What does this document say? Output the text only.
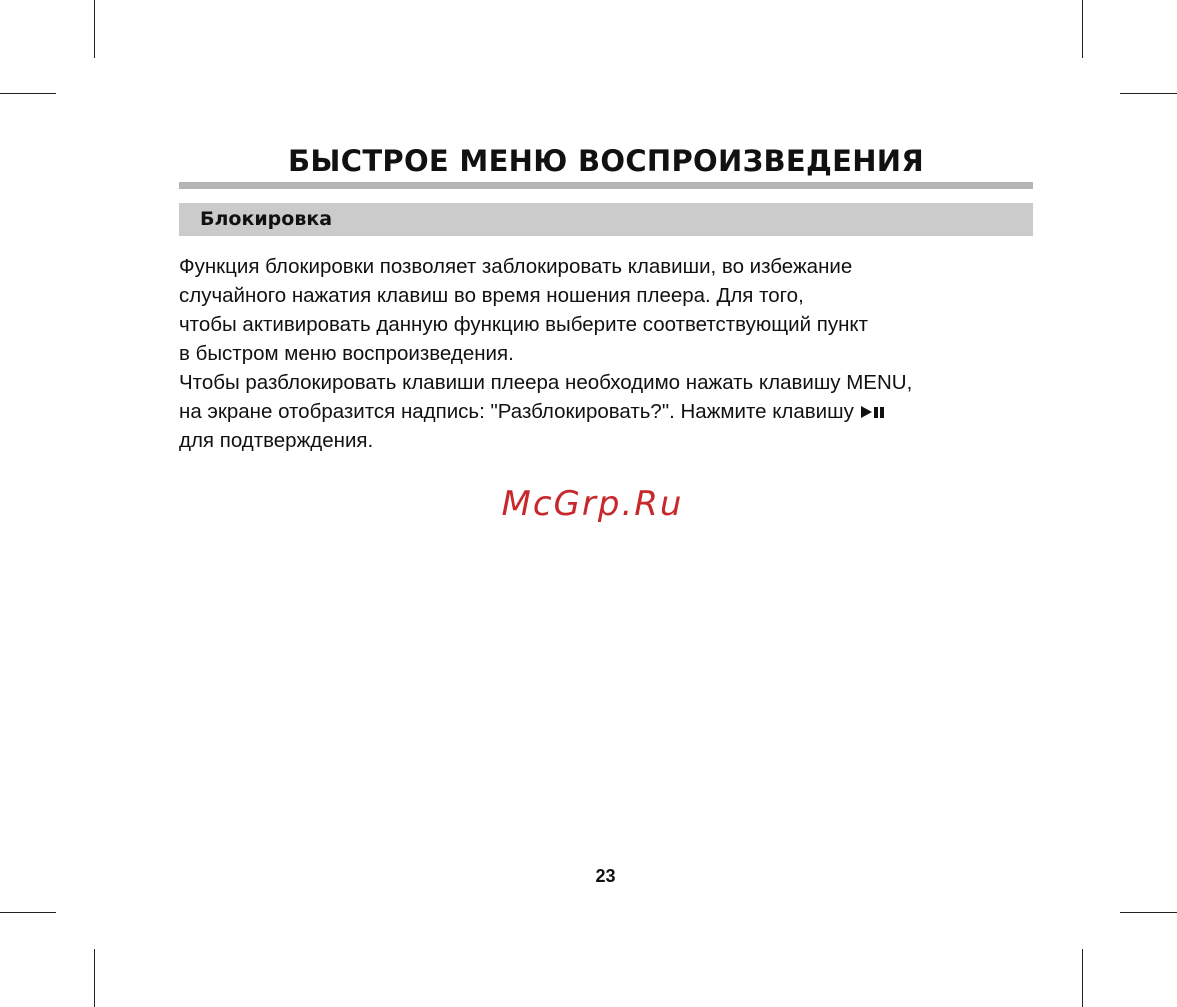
БЫСТРОЕ МЕНЮ ВОСПРОИЗВЕДЕНИЯ
Блокировка
Функция блокировки позволяет заблокировать клавиши, во избежание
случайного нажатия клавиш во время ношения плеера. Для того,
чтобы активировать данную функцию выберите соответствующий пункт
в быстром меню воспроизведения.
Чтобы разблокировать клавиши плеера необходимо нажать клавишу MENU,
на экране отобразится надпись: "Разблокировать?". Нажмите клавишу
для подтверждения.
McGrp.Ru
23
